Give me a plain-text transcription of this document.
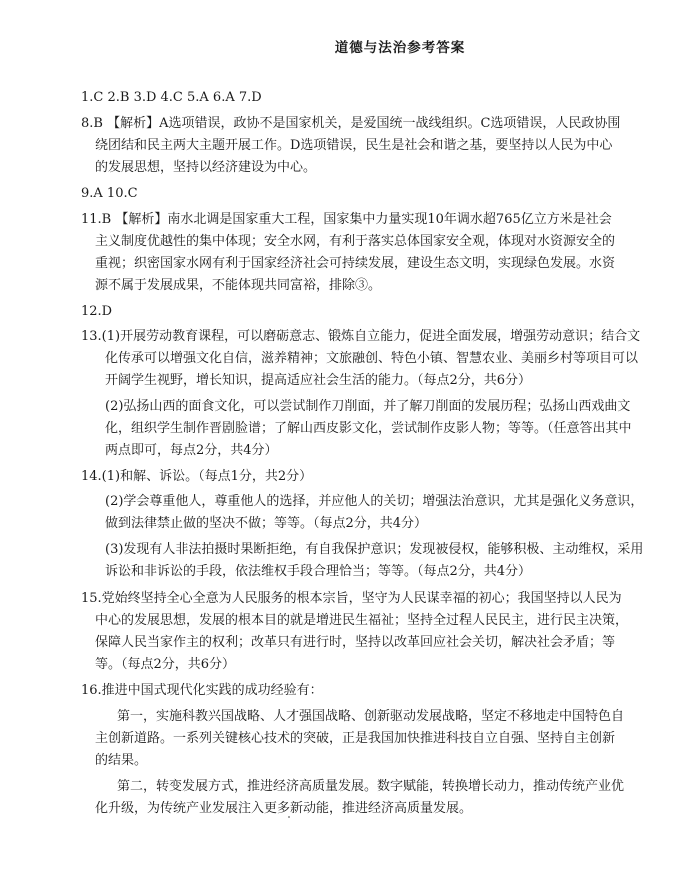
道德与法治参考答案
1.C 2.B 3.D 4.C 5.A 6.A 7.D
8.B 【解析】A选项错误，政协不是国家机关，是爱国统一战线组织。C选项错误，人民政协围
绕团结和民主两大主题开展工作。D选项错误，民生是社会和谐之基，要坚持以人民为中心
的发展思想，坚持以经济建设为中心。
9.A 10.C
11.B 【解析】南水北调是国家重大工程，国家集中力量实现10年调水超765亿立方米是社会
主义制度优越性的集中体现；安全水网，有利于落实总体国家安全观，体现对水资源安全的
重视；织密国家水网有利于国家经济社会可持续发展，建设生态文明，实现绿色发展。水资
源不属于发展成果，不能体现共同富裕，排除③。
12.D
13.(1)开展劳动教育课程，可以磨砺意志、锻炼自立能力，促进全面发展，增强劳动意识；结合文
化传承可以增强文化自信，滋养精神；文旅融创、特色小镇、智慧农业、美丽乡村等项目可以
开阔学生视野，增长知识，提高适应社会生活的能力。（每点2分，共6分）
(2)弘扬山西的面食文化，可以尝试制作刀削面，并了解刀削面的发展历程；弘扬山西戏曲文
化，组织学生制作晋剧脸谱；了解山西皮影文化，尝试制作皮影人物；等等。（任意答出其中
两点即可，每点2分，共4分）
14.(1)和解、诉讼。（每点1分，共2分）
(2)学会尊重他人，尊重他人的选择，并应他人的关切；增强法治意识，尤其是强化义务意识，
做到法律禁止做的坚决不做；等等。（每点2分，共4分）
(3)发现有人非法拍摄时果断拒绝，有自我保护意识；发现被侵权，能够积极、主动维权，采用
诉讼和非诉讼的手段，依法维权手段合理恰当；等等。（每点2分，共4分）
15.党始终坚持全心全意为人民服务的根本宗旨，坚守为人民谋幸福的初心；我国坚持以人民为
中心的发展思想，发展的根本目的就是增进民生福祉；坚持全过程人民民主，进行民主决策，
保障人民当家作主的权利；改革只有进行时，坚持以改革回应社会关切，解决社会矛盾；等
等。（每点2分，共6分）
16.推进中国式现代化实践的成功经验有：
第一，实施科教兴国战略、人才强国战略、创新驱动发展战略，坚定不移地走中国特色自
主创新道路。一系列关键核心技术的突破，正是我国加快推进科技自立自强、坚持自主创新
的结果。
第二，转变发展方式，推进经济高质量发展。数字赋能，转换增长动力，推动传统产业优
化升级，为传统产业发展注入更多新动能，推进经济高质量发展。
